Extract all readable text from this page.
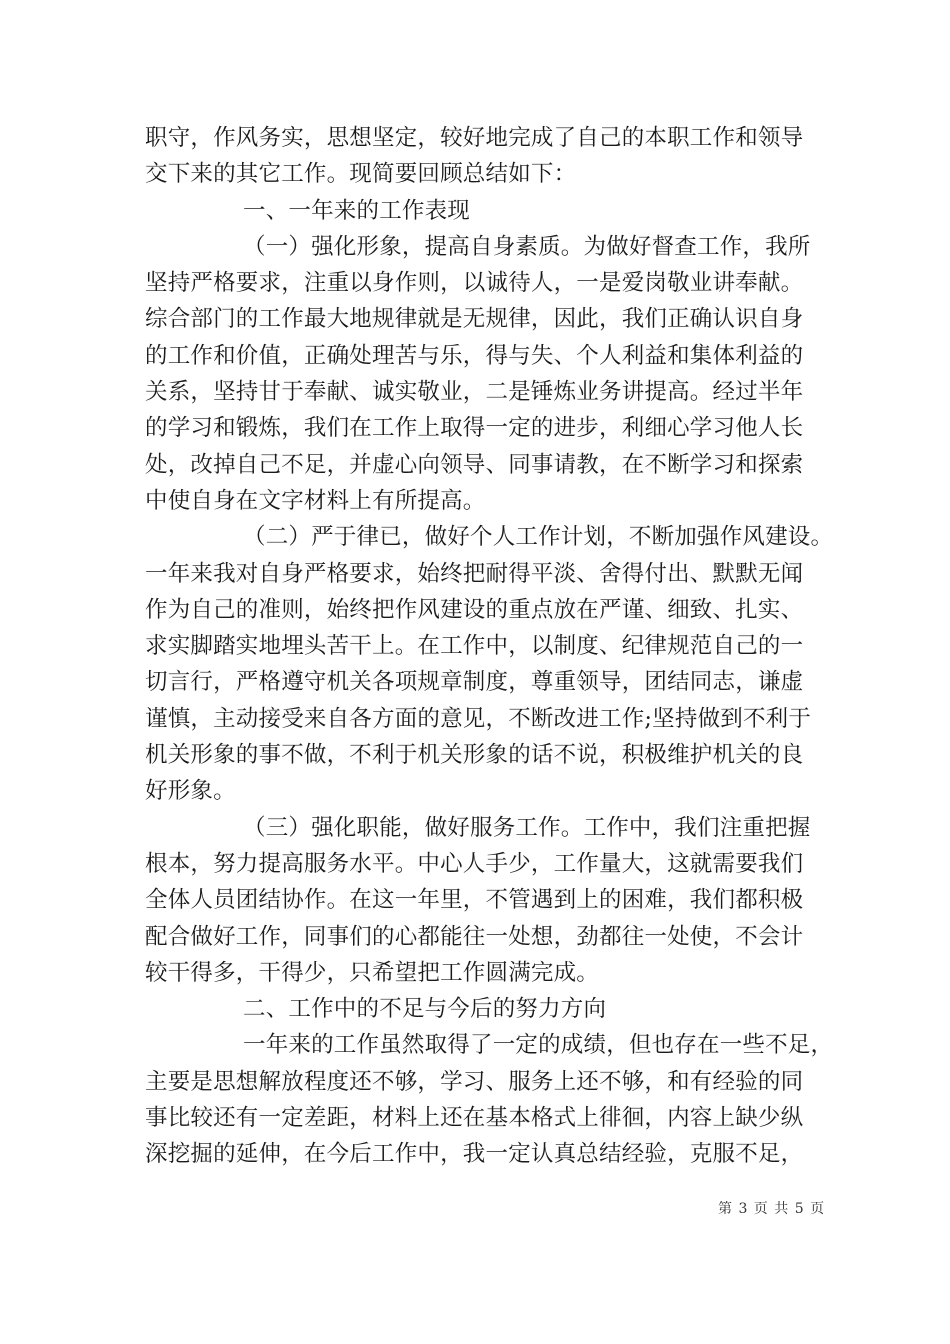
职守，作风务实，思想坚定，较好地完成了自己的本职工作和领导
交下来的其它工作。现简要回顾总结如下：
一、一年来的工作表现
（一）强化形象，提高自身素质。为做好督查工作，我所
坚持严格要求，注重以身作则，以诚待人，一是爱岗敬业讲奉献。
综合部门的工作最大地规律就是无规律，因此，我们正确认识自身
的工作和价值，正确处理苦与乐，得与失、个人利益和集体利益的
关系，坚持甘于奉献、诚实敬业，二是锤炼业务讲提高。经过半年
的学习和锻炼，我们在工作上取得一定的进步，利细心学习他人长
处，改掉自己不足，并虚心向领导、同事请教，在不断学习和探索
中使自身在文字材料上有所提高。
（二）严于律已，做好个人工作计划，不断加强作风建设。
一年来我对自身严格要求，始终把耐得平淡、舍得付出、默默无闻
作为自己的准则，始终把作风建设的重点放在严谨、细致、扎实、
求实脚踏实地埋头苦干上。在工作中，以制度、纪律规范自己的一
切言行，严格遵守机关各项规章制度，尊重领导，团结同志，谦虚
谨慎，主动接受来自各方面的意见，不断改进工作;坚持做到不利于
机关形象的事不做，不利于机关形象的话不说，积极维护机关的良
好形象。
（三）强化职能，做好服务工作。工作中，我们注重把握
根本，努力提高服务水平。中心人手少，工作量大，这就需要我们
全体人员团结协作。在这一年里，不管遇到上的困难，我们都积极
配合做好工作，同事们的心都能往一处想，劲都往一处使，不会计
较干得多，干得少，只希望把工作圆满完成。
二、工作中的不足与今后的努力方向
一年来的工作虽然取得了一定的成绩，但也存在一些不足，
主要是思想解放程度还不够，学习、服务上还不够，和有经验的同
事比较还有一定差距，材料上还在基本格式上徘徊，内容上缺少纵
深挖掘的延伸，在今后工作中，我一定认真总结经验，克服不足，
第 3 页 共 5 页
